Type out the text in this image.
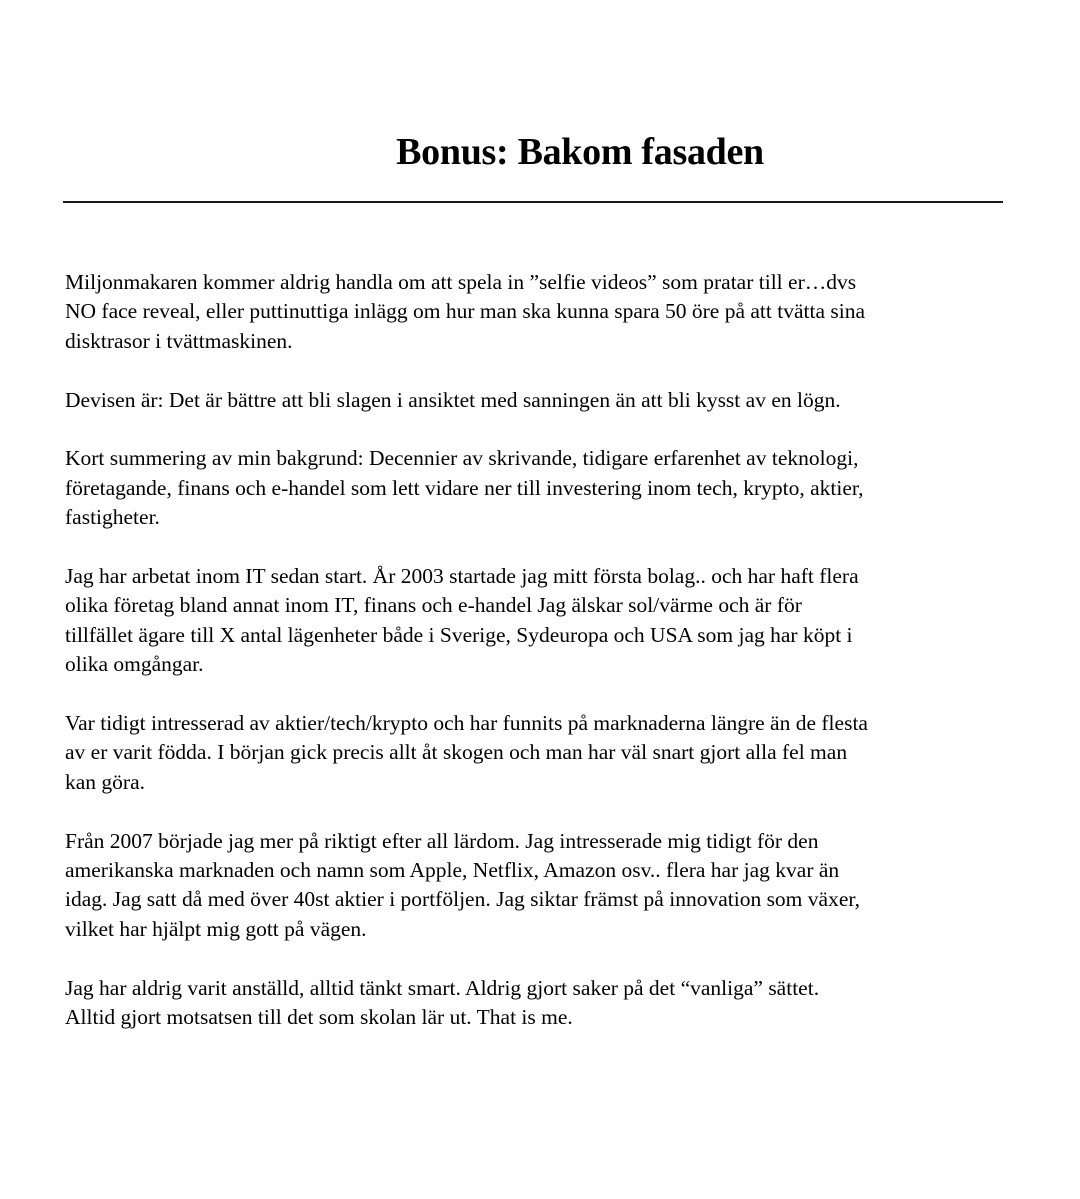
Bonus: Bakom fasaden

Miljonmakaren kommer aldrig handla om att spela in ”selfie videos” som pratar till er…dvs
NO face reveal, eller puttinuttiga inlägg om hur man ska kunna spara 50 öre på att tvätta sina
disktrasor i tvättmaskinen.

Devisen är: Det är bättre att bli slagen i ansiktet med sanningen än att bli kysst av en lögn.

Kort summering av min bakgrund: Decennier av skrivande, tidigare erfarenhet av teknologi,
företagande, finans och e-handel som lett vidare ner till investering inom tech, krypto, aktier,
fastigheter.

Jag har arbetat inom IT sedan start. År 2003 startade jag mitt första bolag.. och har haft flera
olika företag bland annat inom IT, finans och e-handel Jag älskar sol/värme och är för
tillfället ägare till X antal lägenheter både i Sverige, Sydeuropa och USA som jag har köpt i
olika omgångar.

Var tidigt intresserad av aktier/tech/krypto och har funnits på marknaderna längre än de flesta
av er varit födda. I början gick precis allt åt skogen och man har väl snart gjort alla fel man
kan göra.

Från 2007 började jag mer på riktigt efter all lärdom. Jag intresserade mig tidigt för den
amerikanska marknaden och namn som Apple, Netflix, Amazon osv.. flera har jag kvar än
idag. Jag satt då med över 40st aktier i portföljen. Jag siktar främst på innovation som växer,
vilket har hjälpt mig gott på vägen.

Jag har aldrig varit anställd, alltid tänkt smart. Aldrig gjort saker på det “vanliga” sättet.
Alltid gjort motsatsen till det som skolan lär ut. That is me.
